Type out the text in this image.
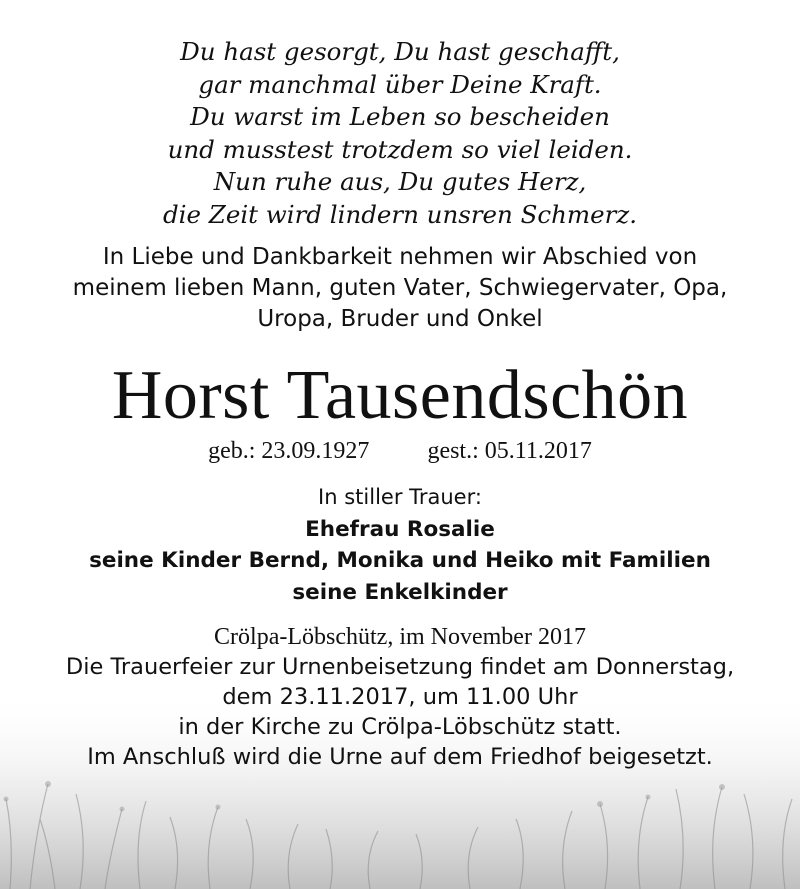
Du hast gesorgt, Du hast geschafft,
gar manchmal über Deine Kraft.
Du warst im Leben so bescheiden
und musstest trotzdem so viel leiden.
Nun ruhe aus, Du gutes Herz,
die Zeit wird lindern unsren Schmerz.
In Liebe und Dankbarkeit nehmen wir Abschied von
meinem lieben Mann, guten Vater, Schwiegervater, Opa,
Uropa, Bruder und Onkel
Horst Tausendschön
geb.: 23.09.1927 gest.: 05.11.2017
In stiller Trauer:
Ehefrau Rosalie
seine Kinder Bernd, Monika und Heiko mit Familien
seine Enkelkinder
Crölpa-Löbschütz, im November 2017
Die Trauerfeier zur Urnenbeisetzung findet am Donnerstag,
dem 23.11.2017, um 11.00 Uhr
in der Kirche zu Crölpa-Löbschütz statt.
Im Anschluß wird die Urne auf dem Friedhof beigesetzt.
